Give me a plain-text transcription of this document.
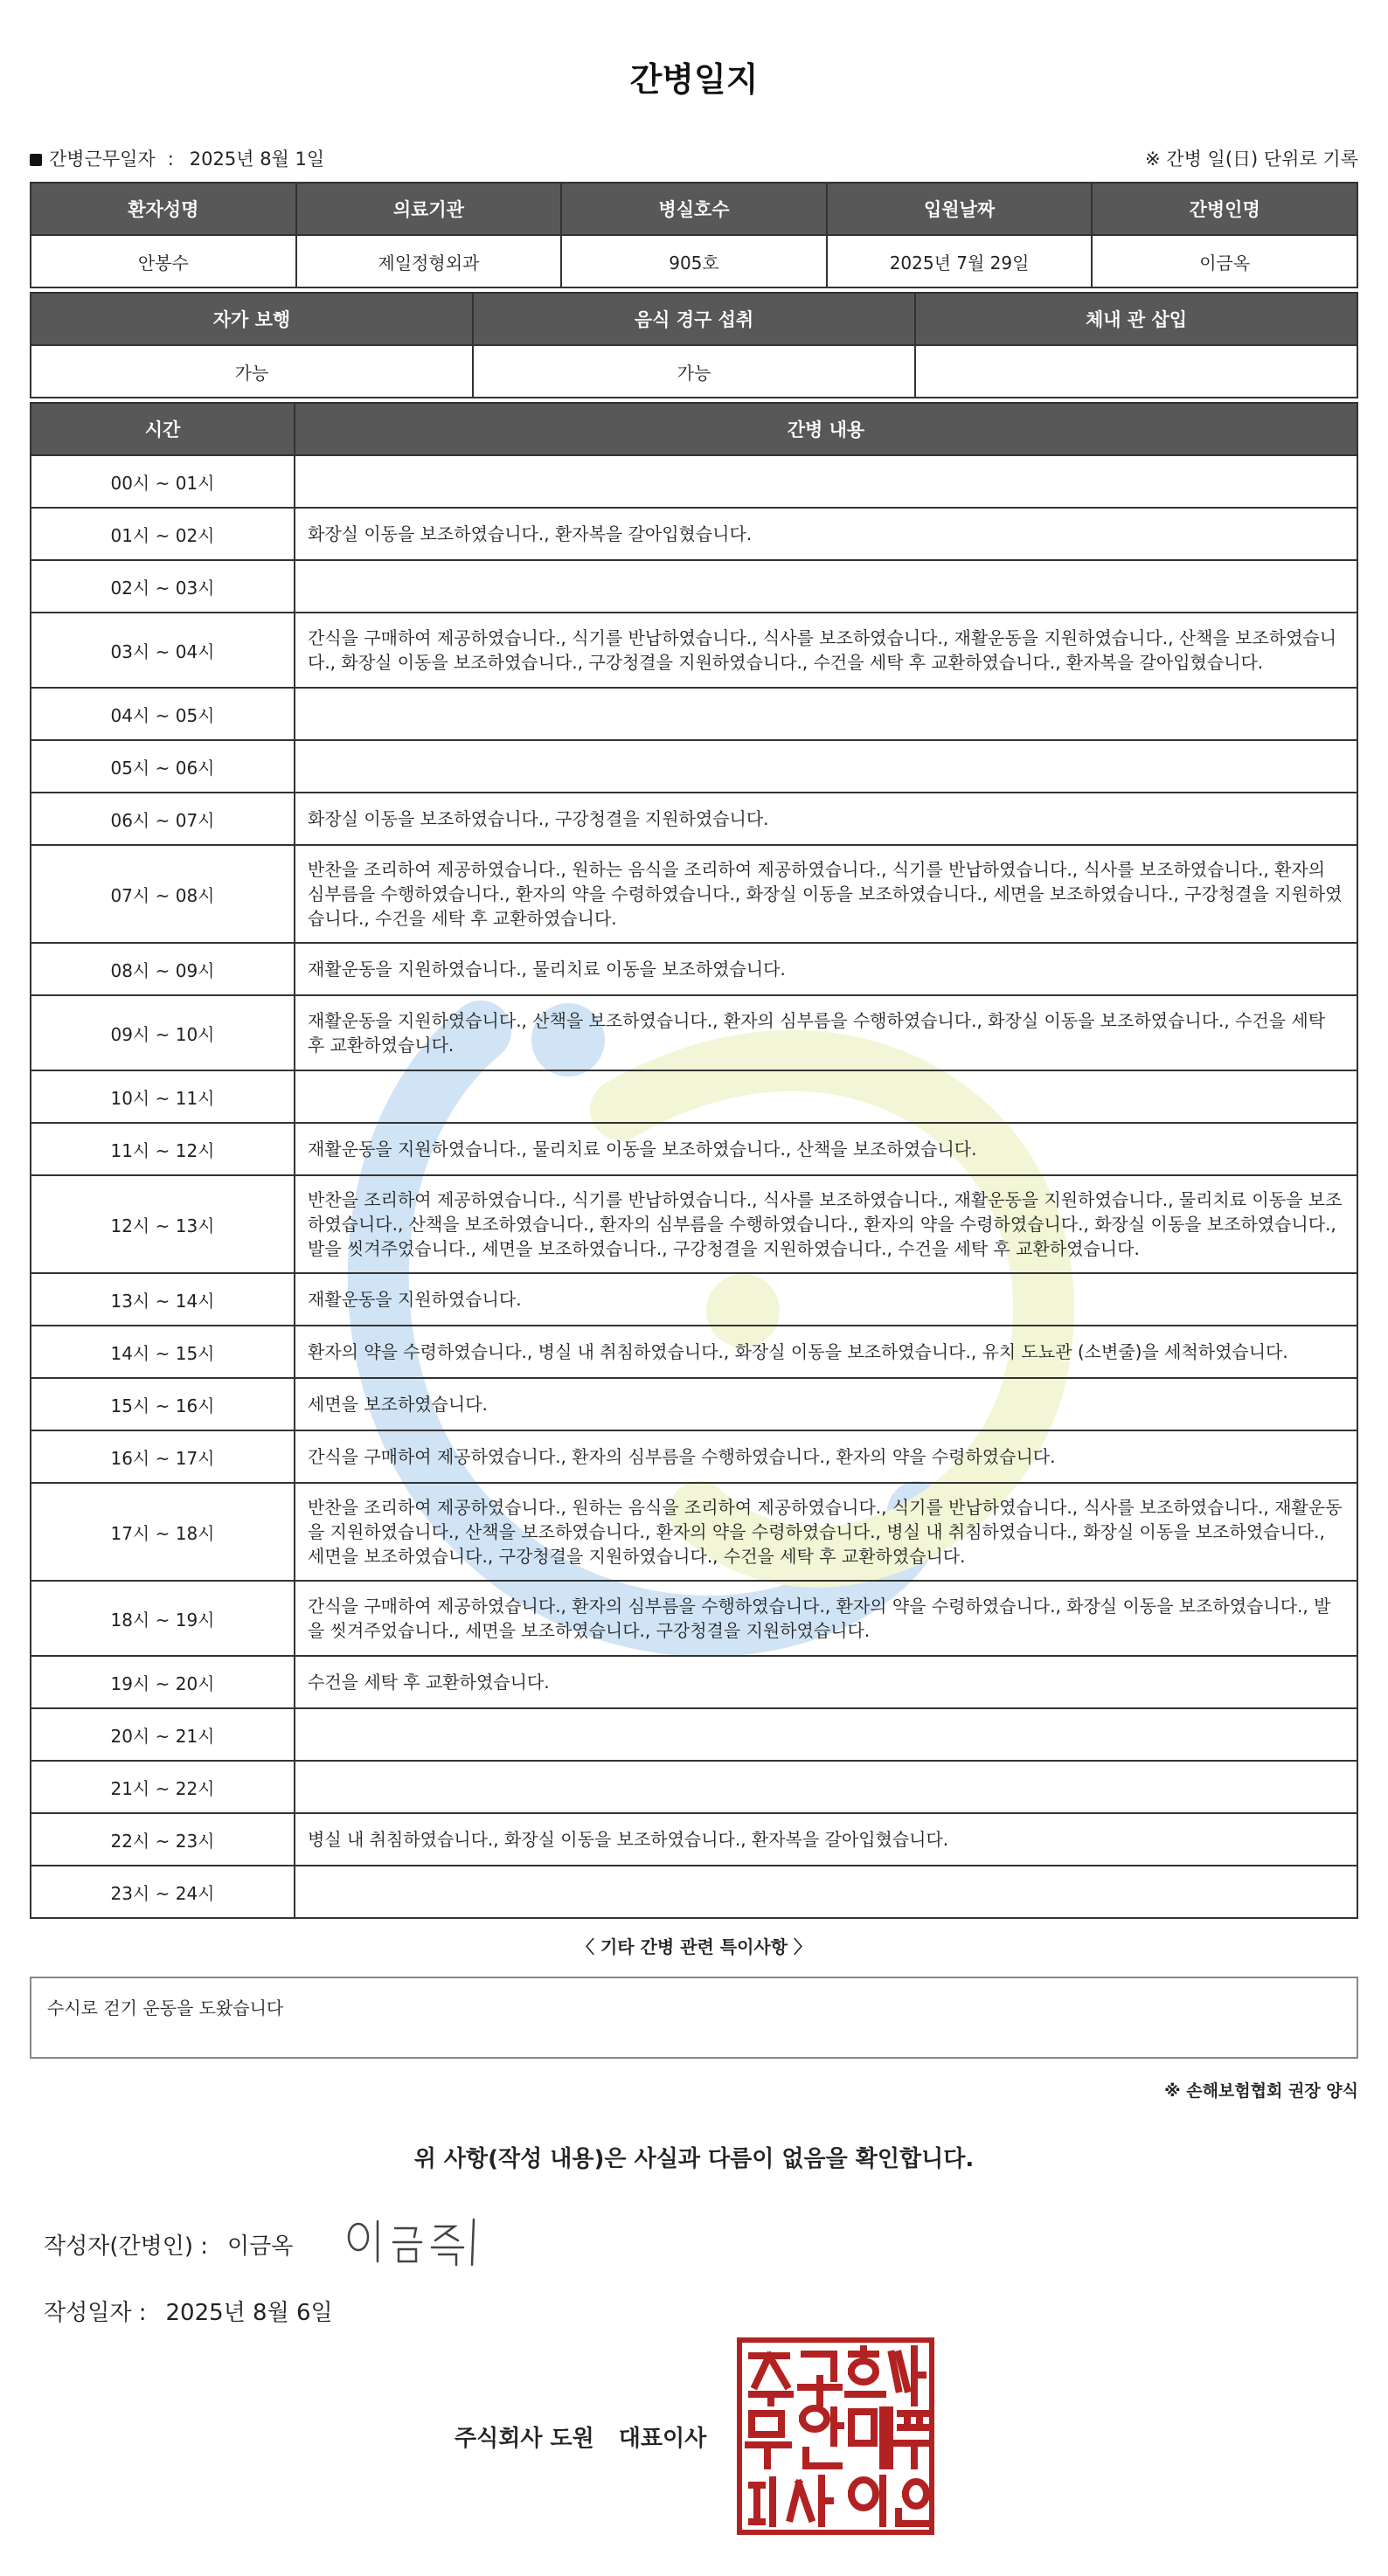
간병일지
간병근무일자 : 2025년 8월 1일	※ 간병 일(日) 단위로 기록
환자성명	의료기관	병실호수	입원날짜	간병인명
안봉수	제일정형외과	905호	2025년 7월 29일	이금옥
자가 보행	음식 경구 섭취	체내 관 삽입
가능	가능	
시간	간병 내용
00시 ~ 01시	
01시 ~ 02시	화장실 이동을 보조하였습니다., 환자복을 갈아입혔습니다.
02시 ~ 03시	
03시 ~ 04시	간식을 구매하여 제공하였습니다., 식기를 반납하였습니다., 식사를 보조하였습니다., 재활운동을 지원하였습니다., 산책을 보조하였습니다., 화장실 이동을 보조하였습니다., 구강청결을 지원하였습니다., 수건을 세탁 후 교환하였습니다., 환자복을 갈아입혔습니다.
04시 ~ 05시	
05시 ~ 06시	
06시 ~ 07시	화장실 이동을 보조하였습니다., 구강청결을 지원하였습니다.
07시 ~ 08시	반찬을 조리하여 제공하였습니다., 원하는 음식을 조리하여 제공하였습니다., 식기를 반납하였습니다., 식사를 보조하였습니다., 환자의 심부름을 수행하였습니다., 환자의 약을 수령하였습니다., 화장실 이동을 보조하였습니다., 세면을 보조하였습니다., 구강청결을 지원하였습니다., 수건을 세탁 후 교환하였습니다.
08시 ~ 09시	재활운동을 지원하였습니다., 물리치료 이동을 보조하였습니다.
09시 ~ 10시	재활운동을 지원하였습니다., 산책을 보조하였습니다., 환자의 심부름을 수행하였습니다., 화장실 이동을 보조하였습니다., 수건을 세탁 후 교환하였습니다.
10시 ~ 11시	
11시 ~ 12시	재활운동을 지원하였습니다., 물리치료 이동을 보조하였습니다., 산책을 보조하였습니다.
12시 ~ 13시	반찬을 조리하여 제공하였습니다., 식기를 반납하였습니다., 식사를 보조하였습니다., 재활운동을 지원하였습니다., 물리치료 이동을 보조하였습니다., 산책을 보조하였습니다., 환자의 심부름을 수행하였습니다., 환자의 약을 수령하였습니다., 화장실 이동을 보조하였습니다., 발을 씻겨주었습니다., 세면을 보조하였습니다., 구강청결을 지원하였습니다., 수건을 세탁 후 교환하였습니다.
13시 ~ 14시	재활운동을 지원하였습니다.
14시 ~ 15시	환자의 약을 수령하였습니다., 병실 내 취침하였습니다., 화장실 이동을 보조하였습니다., 유치 도뇨관 (소변줄)을 세척하였습니다.
15시 ~ 16시	세면을 보조하였습니다.
16시 ~ 17시	간식을 구매하여 제공하였습니다., 환자의 심부름을 수행하였습니다., 환자의 약을 수령하였습니다.
17시 ~ 18시	반찬을 조리하여 제공하였습니다., 원하는 음식을 조리하여 제공하였습니다., 식기를 반납하였습니다., 식사를 보조하였습니다., 재활운동을 지원하였습니다., 산책을 보조하였습니다., 환자의 약을 수령하였습니다., 병실 내 취침하였습니다., 화장실 이동을 보조하였습니다., 세면을 보조하였습니다., 구강청결을 지원하였습니다., 수건을 세탁 후 교환하였습니다.
18시 ~ 19시	간식을 구매하여 제공하였습니다., 환자의 심부름을 수행하였습니다., 환자의 약을 수령하였습니다., 화장실 이동을 보조하였습니다., 발을 씻겨주었습니다., 세면을 보조하였습니다., 구강청결을 지원하였습니다.
19시 ~ 20시	수건을 세탁 후 교환하였습니다.
20시 ~ 21시	
21시 ~ 22시	
22시 ~ 23시	병실 내 취침하였습니다., 화장실 이동을 보조하였습니다., 환자복을 갈아입혔습니다.
23시 ~ 24시	
〈 기타 간병 관련 특이사항 〉
수시로 걷기 운동을 도왔습니다
※ 손해보험협회 권장 양식
위 사항(작성 내용)은 사실과 다름이 없음을 확인합니다.
작성자(간병인) : 이금옥
작성일자 : 2025년 8월 6일
주식회사 도원 대표이사
